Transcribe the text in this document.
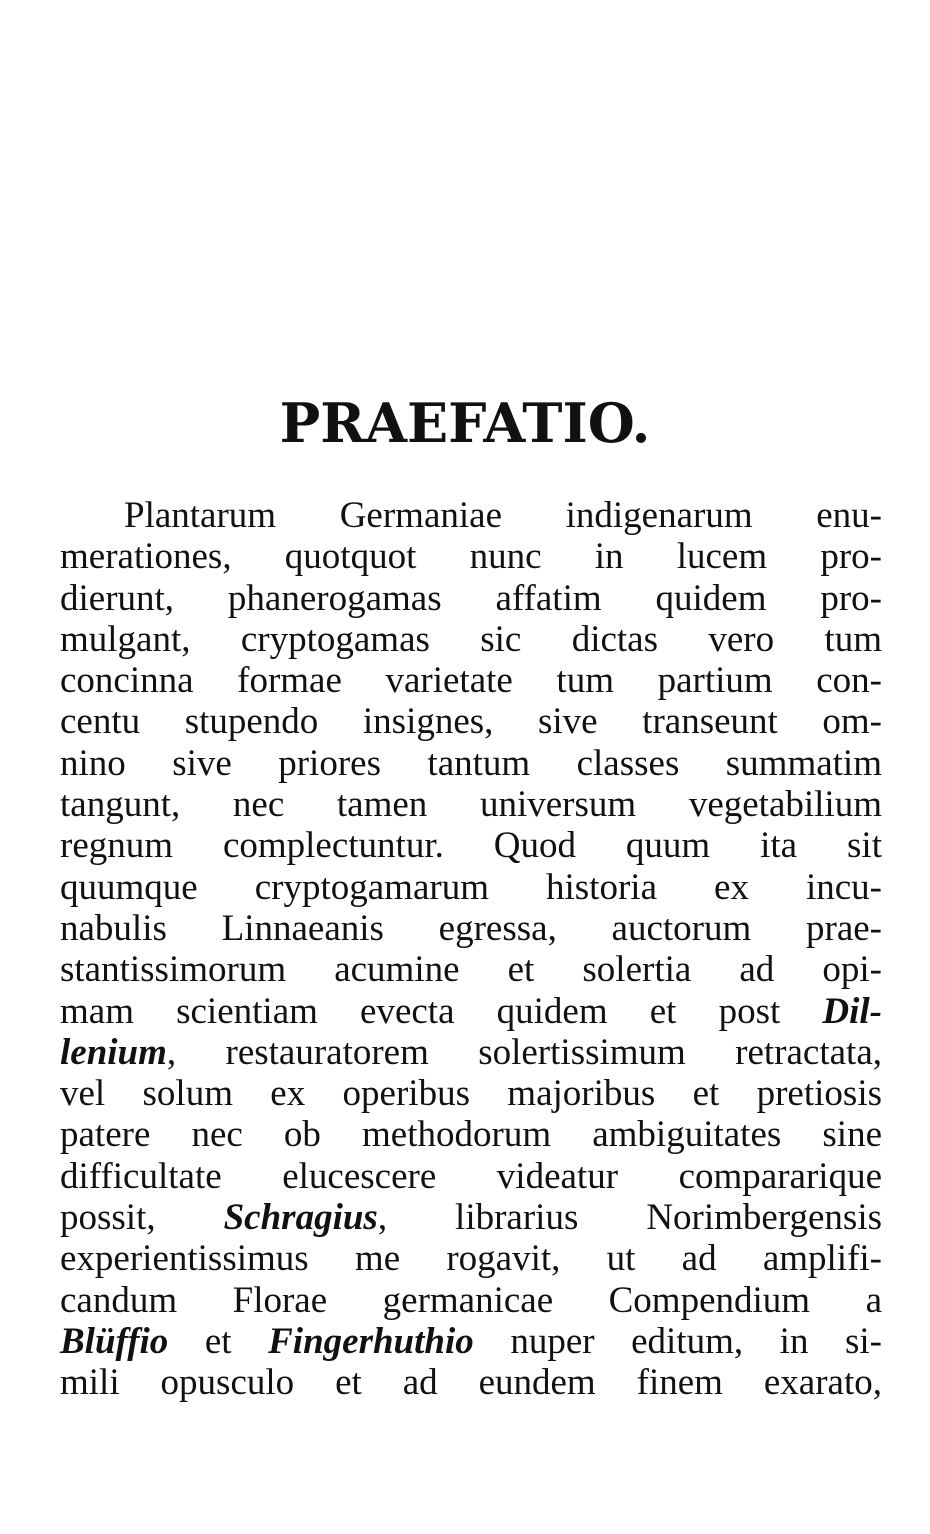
PRAEFATIO.
Plantarum Germaniae indigenarum enu-
merationes, quotquot nunc in lucem pro-
dierunt, phanerogamas affatim quidem pro-
mulgant, cryptogamas sic dictas vero tum
concinna formae varietate tum partium con-
centu stupendo insignes, sive transeunt om-
nino sive priores tantum classes summatim
tangunt, nec tamen universum vegetabilium
regnum complectuntur. Quod quum ita sit
quumque cryptogamarum historia ex incu-
nabulis Linnaeanis egressa, auctorum prae-
stantissimorum acumine et solertia ad opi-
mam scientiam evecta quidem et post Dil-
lenium, restauratorem solertissimum retractata,
vel solum ex operibus majoribus et pretiosis
patere nec ob methodorum ambiguitates sine
difficultate elucescere videatur compararique
possit, Schragius, librarius Norimbergensis
experientissimus me rogavit, ut ad amplifi-
candum Florae germanicae Compendium a
Blüffio et Fingerhuthio nuper editum, in si-
mili opusculo et ad eundem finem exarato,
